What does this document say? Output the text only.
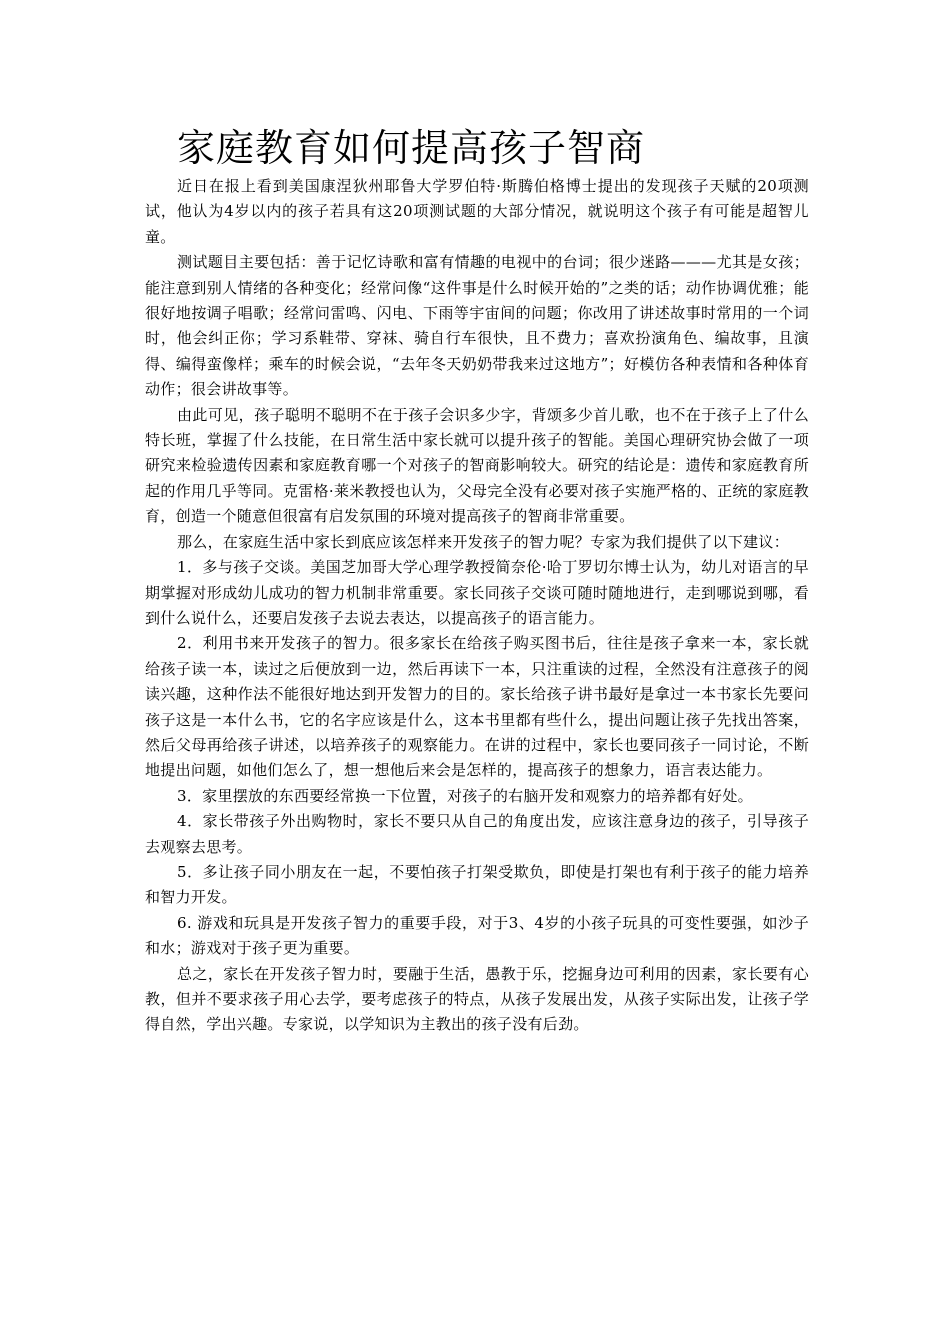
家庭教育如何提高孩子智商

近日在报上看到美国康涅狄州耶鲁大学罗伯特·斯腾伯格博士提出的发现孩子天赋的20项测试，他认为4岁以内的孩子若具有这20项测试题的大部分情况，就说明这个孩子有可能是超智儿童。

测试题目主要包括：善于记忆诗歌和富有情趣的电视中的台词；很少迷路———尤其是女孩；能注意到别人情绪的各种变化；经常问像“这件事是什么时候开始的”之类的话；动作协调优雅；能很好地按调子唱歌；经常问雷鸣、闪电、下雨等宇宙间的问题；你改用了讲述故事时常用的一个词时，他会纠正你；学习系鞋带、穿袜、骑自行车很快，且不费力；喜欢扮演角色、编故事，且演得、编得蛮像样；乘车的时候会说，“去年冬天奶奶带我来过这地方”；好模仿各种表情和各种体育动作；很会讲故事等。

由此可见，孩子聪明不聪明不在于孩子会识多少字，背颂多少首儿歌，也不在于孩子上了什么特长班，掌握了什么技能，在日常生活中家长就可以提升孩子的智能。美国心理研究协会做了一项研究来检验遗传因素和家庭教育哪一个对孩子的智商影响较大。研究的结论是：遗传和家庭教育所起的作用几乎等同。克雷格·莱米教授也认为，父母完全没有必要对孩子实施严格的、正统的家庭教育，创造一个随意但很富有启发氛围的环境对提高孩子的智商非常重要。

那么，在家庭生活中家长到底应该怎样来开发孩子的智力呢？专家为我们提供了以下建议：

1．多与孩子交谈。美国芝加哥大学心理学教授简奈伦·哈丁罗切尔博士认为，幼儿对语言的早期掌握对形成幼儿成功的智力机制非常重要。家长同孩子交谈可随时随地进行，走到哪说到哪，看到什么说什么，还要启发孩子去说去表达，以提高孩子的语言能力。

2．利用书来开发孩子的智力。很多家长在给孩子购买图书后，往往是孩子拿来一本，家长就给孩子读一本，读过之后便放到一边，然后再读下一本，只注重读的过程，全然没有注意孩子的阅读兴趣，这种作法不能很好地达到开发智力的目的。家长给孩子讲书最好是拿过一本书家长先要问孩子这是一本什么书，它的名字应该是什么，这本书里都有些什么，提出问题让孩子先找出答案，然后父母再给孩子讲述，以培养孩子的观察能力。在讲的过程中，家长也要同孩子一同讨论，不断地提出问题，如他们怎么了，想一想他后来会是怎样的，提高孩子的想象力，语言表达能力。

3．家里摆放的东西要经常换一下位置，对孩子的右脑开发和观察力的培养都有好处。

4．家长带孩子外出购物时，家长不要只从自己的角度出发，应该注意身边的孩子，引导孩子去观察去思考。

5．多让孩子同小朋友在一起，不要怕孩子打架受欺负，即使是打架也有利于孩子的能力培养和智力开发。

6. 游戏和玩具是开发孩子智力的重要手段，对于3、4岁的小孩子玩具的可变性要强，如沙子和水；游戏对于孩子更为重要。

总之，家长在开发孩子智力时，要融于生活，愚教于乐，挖掘身边可利用的因素，家长要有心教，但并不要求孩子用心去学，要考虑孩子的特点，从孩子发展出发，从孩子实际出发，让孩子学得自然，学出兴趣。专家说，以学知识为主教出的孩子没有后劲。
